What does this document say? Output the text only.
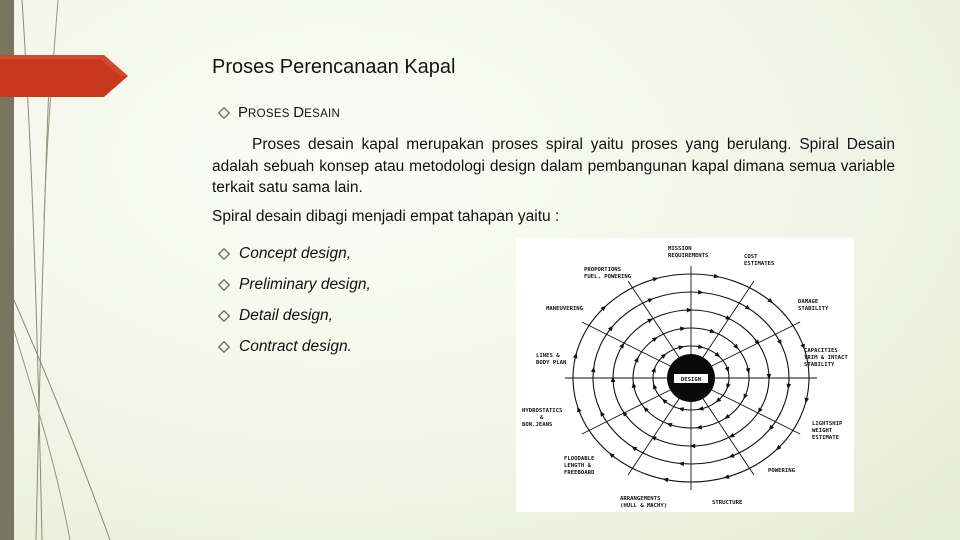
Proses Perencanaan Kapal
PROSES DESAIN

Proses desain kapal merupakan proses spiral yaitu proses yang berulang. Spiral Desain adalah sebuah konsep atau metodologi design dalam pembangunan kapal dimana semua variable terkait satu sama lain.

Spiral desain dibagi menjadi empat tahapan yaitu :
Concept design,
Preliminary design,
Detail design,
Contract design.
DESIGN
MISSION
REQUIREMENTS	COST
ESTIMATES
PROPORTIONS
FUEL, POWERING
DAMAGE
STABILITY
MANEUVERING
CAPACITIES
TRIM & INTACT
STABILITY
LINES &
BODY PLAN
HYDROSTATICS
&
BON.JEANS	LIGHTSHIP
WEIGHT
ESTIMATE
FLOODABLE
LENGTH &
FREEBOARD	POWERING
ARRANGEMENTS
(HULL & MACHY)	STRUCTURE
